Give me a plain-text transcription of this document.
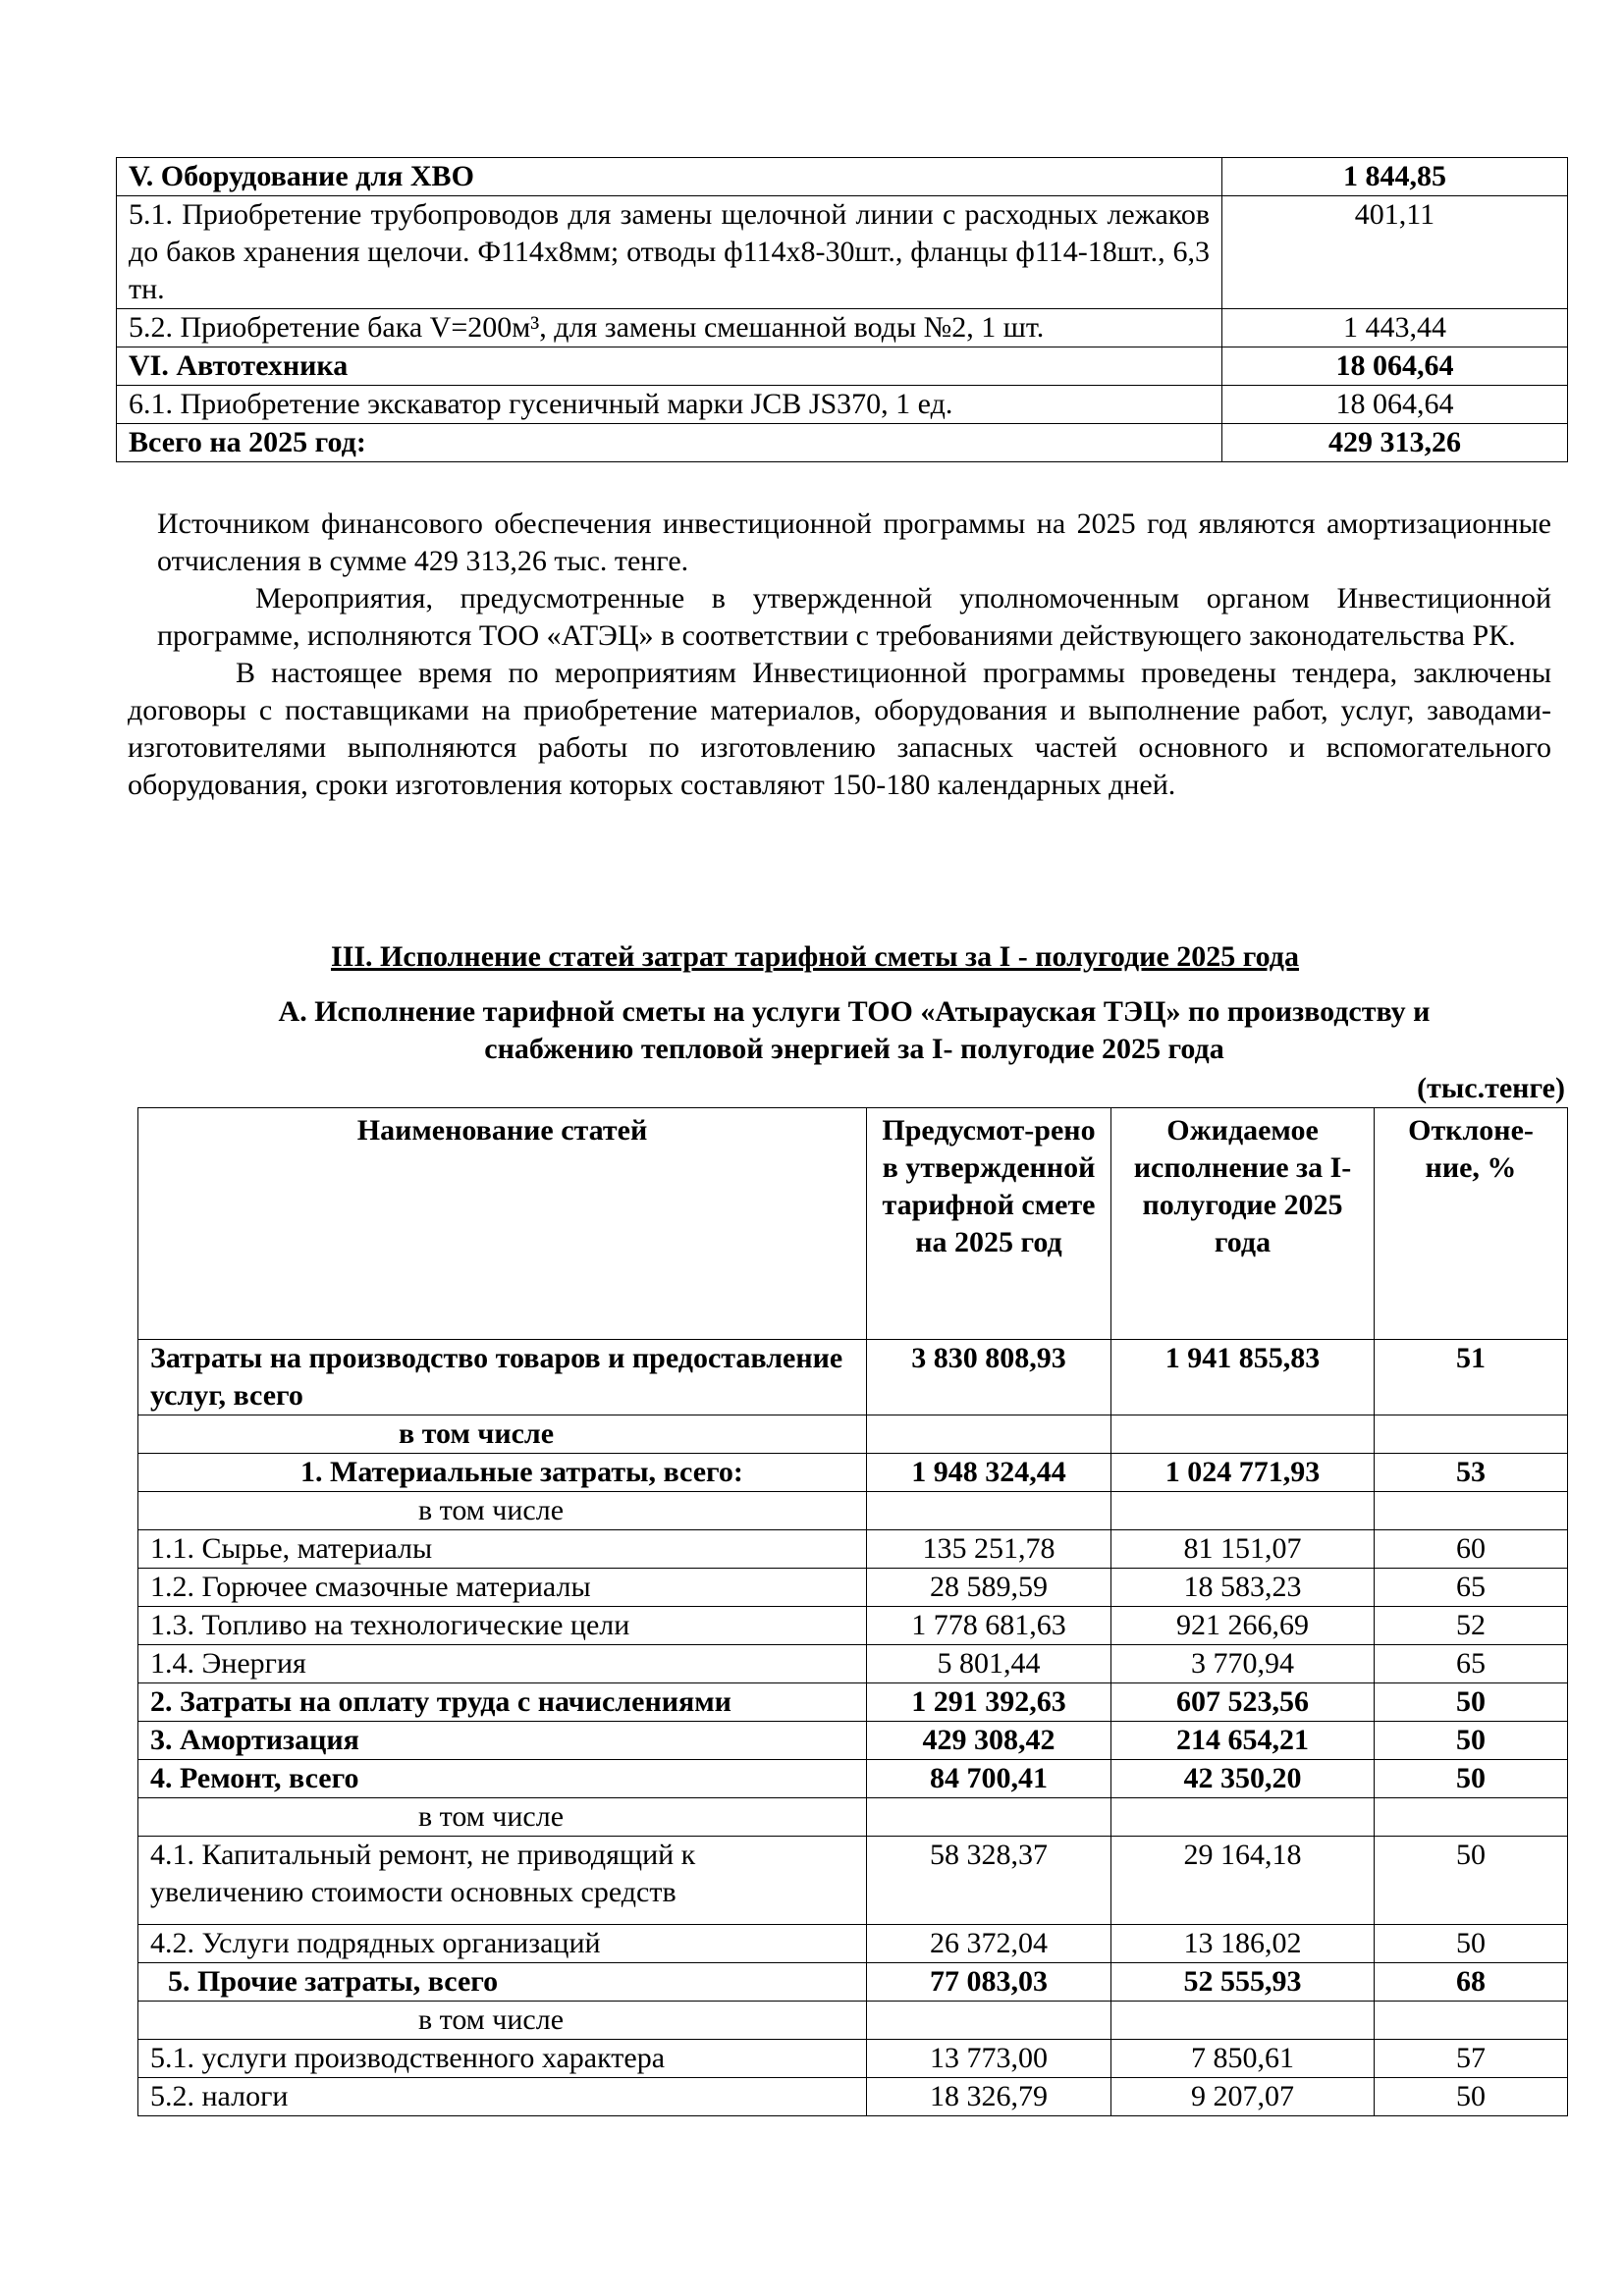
V. Оборудование для ХВО	1 844,85
5.1. Приобретение трубопроводов для замены щелочной линии с расходных лежаков до баков хранения щелочи. Ф114х8мм; отводы ф114х8-30шт., фланцы ф114-18шт., 6,3 тн.	401,11
5.2. Приобретение бака V=200м³, для замены смешанной воды №2, 1 шт.	1 443,44
VI. Автотехника	18 064,64
6.1. Приобретение экскаватор гусеничный марки JCB JS370, 1 ед.	18 064,64
Всего на 2025 год:	429 313,26

Источником финансового обеспечения инвестиционной программы на 2025 год являются амортизационные отчисления в сумме 429 313,26 тыс. тенге.

Мероприятия, предусмотренные в утвержденной уполномоченным органом Инвестиционной программе, исполняются ТОО «АТЭЦ» в соответствии с требованиями действующего законодательства РК.

В настоящее время по мероприятиям Инвестиционной программы проведены тендера, заключены договоры с поставщиками на приобретение материалов, оборудования и выполнение работ, услуг, заводами-изготовителями выполняются работы по изготовлению запасных частей основного и вспомогательного оборудования, сроки изготовления которых составляют 150-180 календарных дней.

III. Исполнение статей затрат тарифной сметы за I - полугодие 2025 года
А. Исполнение тарифной сметы на услуги ТОО «Атырауская ТЭЦ» по производству и
снабжению тепловой энергией за I- полугодие 2025 года
(тыс.тенге)
Наименование статей	Предусмот-рено в утвержденной тарифной смете на 2025 год	Ожидаемое исполнение за I- полугодие 2025 года	Отклоне-ние, %
Затраты на производство товаров и предоставление услуг, всего	3 830 808,93	1 941 855,83	51
в том числе			
1. Материальные затраты, всего:	1 948 324,44	1 024 771,93	53
в том числе			
1.1. Сырье, материалы	135 251,78	81 151,07	60
1.2. Горючее смазочные материалы	28 589,59	18 583,23	65
1.3. Топливо на технологические цели	1 778 681,63	921 266,69	52
1.4. Энергия	5 801,44	3 770,94	65
2. Затраты на оплату труда с начислениями	1 291 392,63	607 523,56	50
3. Амортизация	429 308,42	214 654,21	50
4. Ремонт, всего	84 700,41	42 350,20	50
в том числе			
4.1. Капитальный ремонт, не приводящий к увеличению стоимости основных средств	58 328,37	29 164,18	50
4.2. Услуги подрядных организаций	26 372,04	13 186,02	50
5. Прочие затраты, всего	77 083,03	52 555,93	68
в том числе			
5.1. услуги производственного характера	13 773,00	7 850,61	57
5.2. налоги	18 326,79	9 207,07	50
